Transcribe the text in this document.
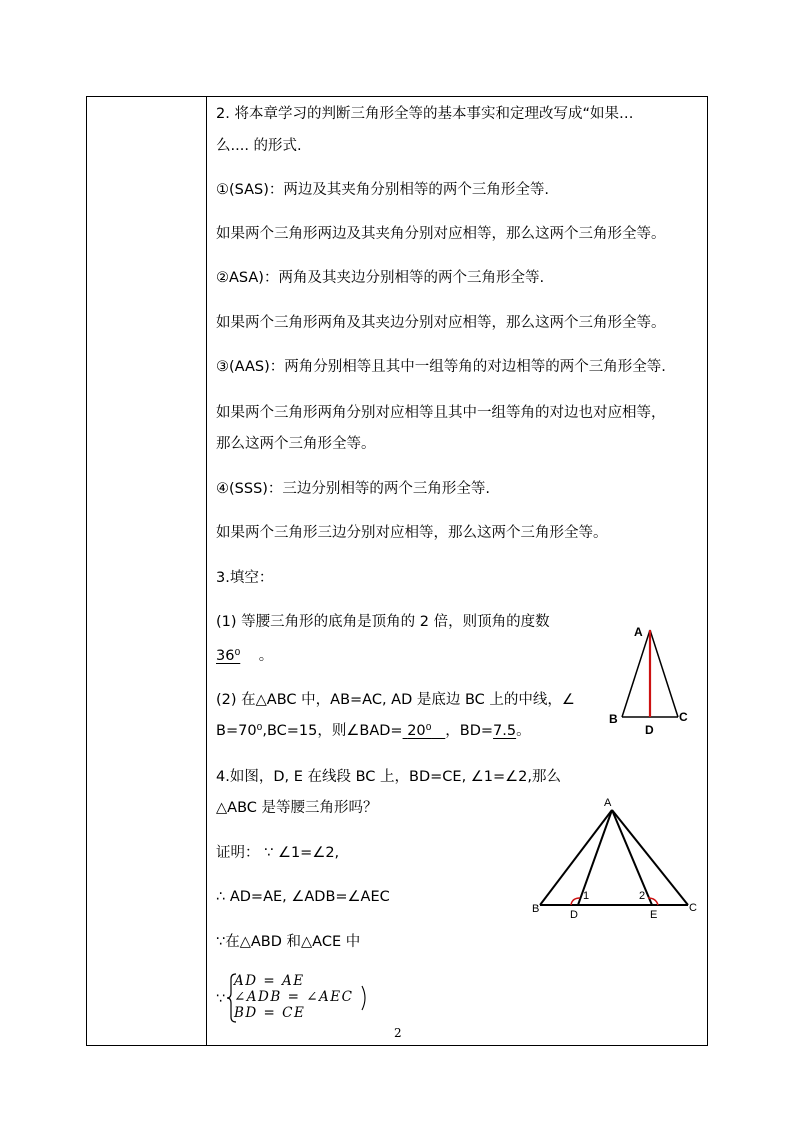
2. 将本章学习的判断三角形全等的基本事实和定理改写成“如果…
么.... 的形式.
①(SAS)：两边及其夹角分别相等的两个三角形全等.
如果两个三角形两边及其夹角分别对应相等，那么这两个三角形全等。
②ASA)：两角及其夹边分别相等的两个三角形全等.
如果两个三角形两角及其夹边分别对应相等，那么这两个三角形全等。
③(AAS)：两角分别相等且其中一组等角的对边相等的两个三角形全等.
如果两个三角形两角分别对应相等且其中一组等角的对边也对应相等，
那么这两个三角形全等。
④(SSS)：三边分别相等的两个三角形全等.
如果两个三角形三边分别对应相等，那么这两个三角形全等。
3.填空：
(1) 等腰三角形的底角是顶角的 2 倍，则顶角的度数
36⁰ 。
(2) 在△ABC 中，AB=AC, AD 是底边 BC 上的中线，∠
B=70⁰,BC=15，则∠BAD= 20⁰ ，BD=7.5。
A
B	C
D
4.如图，D, E 在线段 BC 上，BD=CE, ∠1=∠2,那么
△ABC 是等腰三角形吗？
证明： ∵ ∠1=∠2,
∴ AD=AE, ∠ADB=∠AEC
∵在△ABD 和△ACE 中
∵
AD = AE
∠ADB = ∠AEC
BD = CE
A
B	C
D	E
1	2
2
